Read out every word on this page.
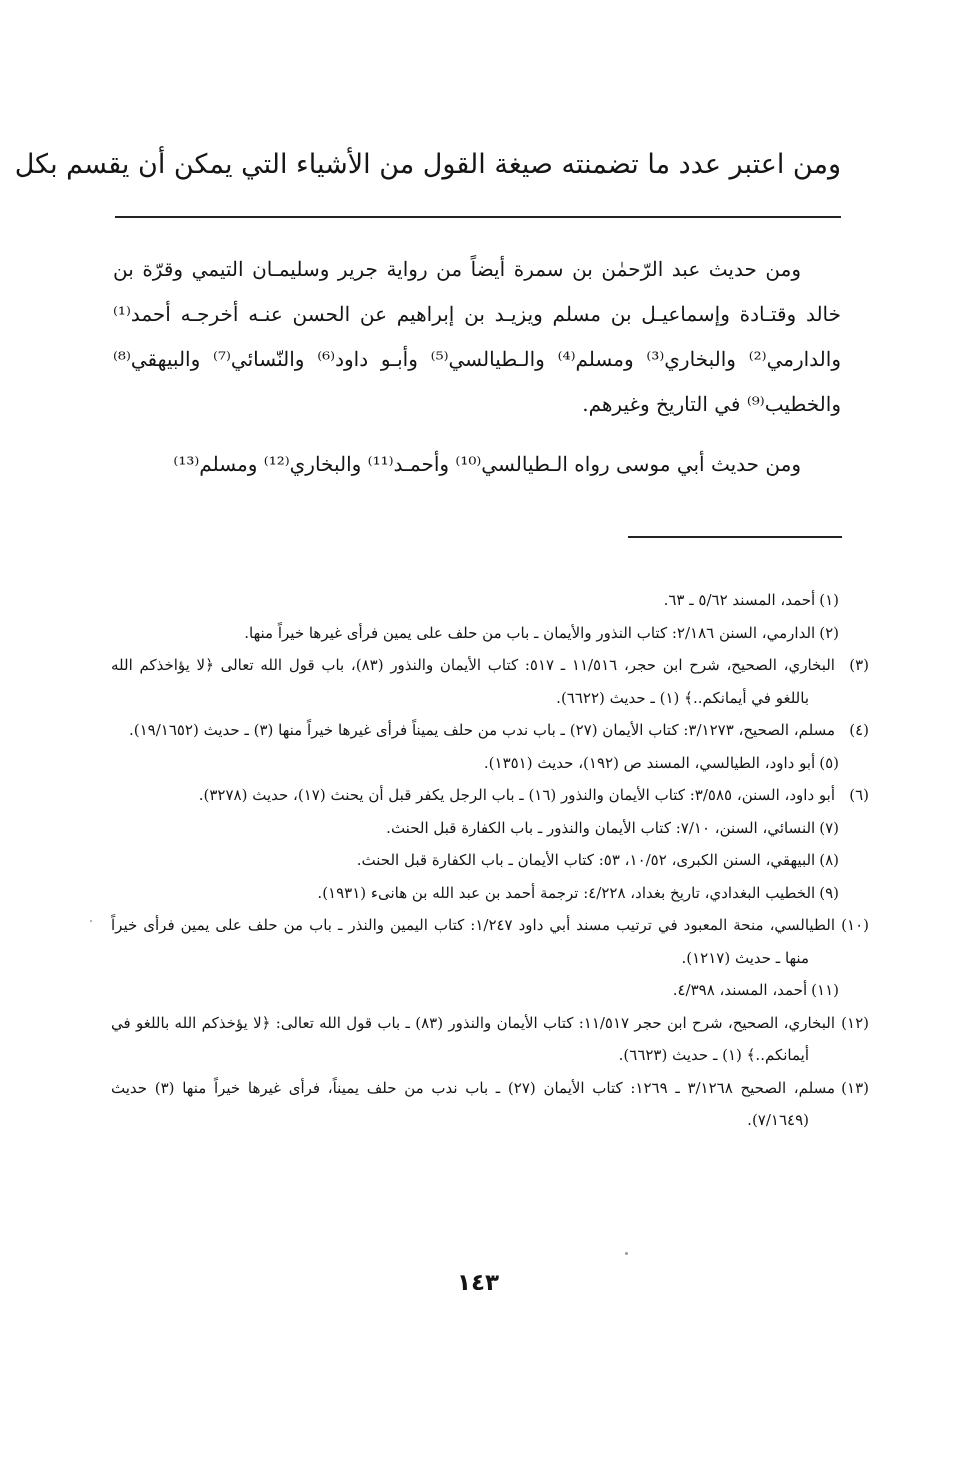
ومن اعتبر عدد ما تضمنته صيغة القول من الأشياء التي يمكن أن يقسم بكل

ومن حديث عبد الرّحمٰن بن سمرة أيضاً من رواية جرير وسليمـان التيمي وقرّة بن خالد وقتـادة وإسماعيـل بن مسلم ويزيـد بن إبراهيم عن الحسن عنـه أخرجـه أحمد⁽¹⁾ والدارمي⁽²⁾ والبخاري⁽³⁾ ومسلم⁽⁴⁾ والـطيالسي⁽⁵⁾ وأبـو داود⁽⁶⁾ والنّسائي⁽⁷⁾ والبيهقي⁽⁸⁾ والخطيب⁽⁹⁾ في التاريخ وغيرهم.

ومن حديث أبي موسى رواه الـطيالسي⁽¹⁰⁾ وأحمـد⁽¹¹⁾ والبخاري⁽¹²⁾ ومسلم⁽¹³⁾

(١)أحمد، المسند ٥/٦٢ ـ ٦٣.

(٢)الدارمي، السنن ٢/١٨٦: كتاب النذور والأيمان ـ باب من حلف على يمين فرأى غيرها خيراً منها.

(٣)البخاري، الصحيح، شرح ابن حجر، ١١/٥١٦ ـ ٥١٧: كتاب الأيمان والنذور (٨٣)، باب قول الله تعالى ﴿لا يؤاخذكم الله باللغو في أيمانكم..﴾ (١) ـ حديث (٦٦٢٢).

(٤)مسلم، الصحيح، ٣/١٢٧٣: كتاب الأيمان (٢٧) ـ باب ندب من حلف يميناً فرأى غيرها خيراً منها (٣) ـ حديث (١٩/١٦٥٢).

(٥)أبو داود، الطيالسي، المسند ص (١٩٢)، حديث (١٣٥١).

(٦)أبو داود، السنن، ٣/٥٨٥: كتاب الأيمان والنذور (١٦) ـ باب الرجل يكفر قبل أن يحنث (١٧)، حديث (٣٢٧٨).

(٧)النسائي، السنن، ٧/١٠: كتاب الأيمان والنذور ـ باب الكفارة قبل الحنث.

(٨)البيهقي، السنن الكبرى، ١٠/٥٢، ٥٣: كتاب الأيمان ـ باب الكفارة قبل الحنث.

(٩)الخطيب البغدادي، تاريخ بغداد، ٤/٢٢٨: ترجمة أحمد بن عبد الله بن هانىء (١٩٣١).

(١٠)الطيالسي، منحة المعبود في ترتيب مسند أبي داود ١/٢٤٧: كتاب اليمين والنذر ـ باب من حلف على يمين فرأى خيراً منها ـ حديث (١٢١٧).

(١١)أحمد، المسند، ٤/٣٩٨.

(١٢)البخاري، الصحيح، شرح ابن حجر ١١/٥١٧: كتاب الأيمان والنذور (٨٣) ـ باب قول الله تعالى: ﴿لا يؤخذكم الله باللغو في أيمانكم..﴾ (١) ـ حديث (٦٦٢٣).

(١٣)مسلم، الصحيح ٣/١٢٦٨ ـ ١٢٦٩: كتاب الأيمان (٢٧) ـ باب ندب من حلف يميناً، فرأى غيرها خيراً منها (٣) حديث (٧/١٦٤٩).

١٤٣
